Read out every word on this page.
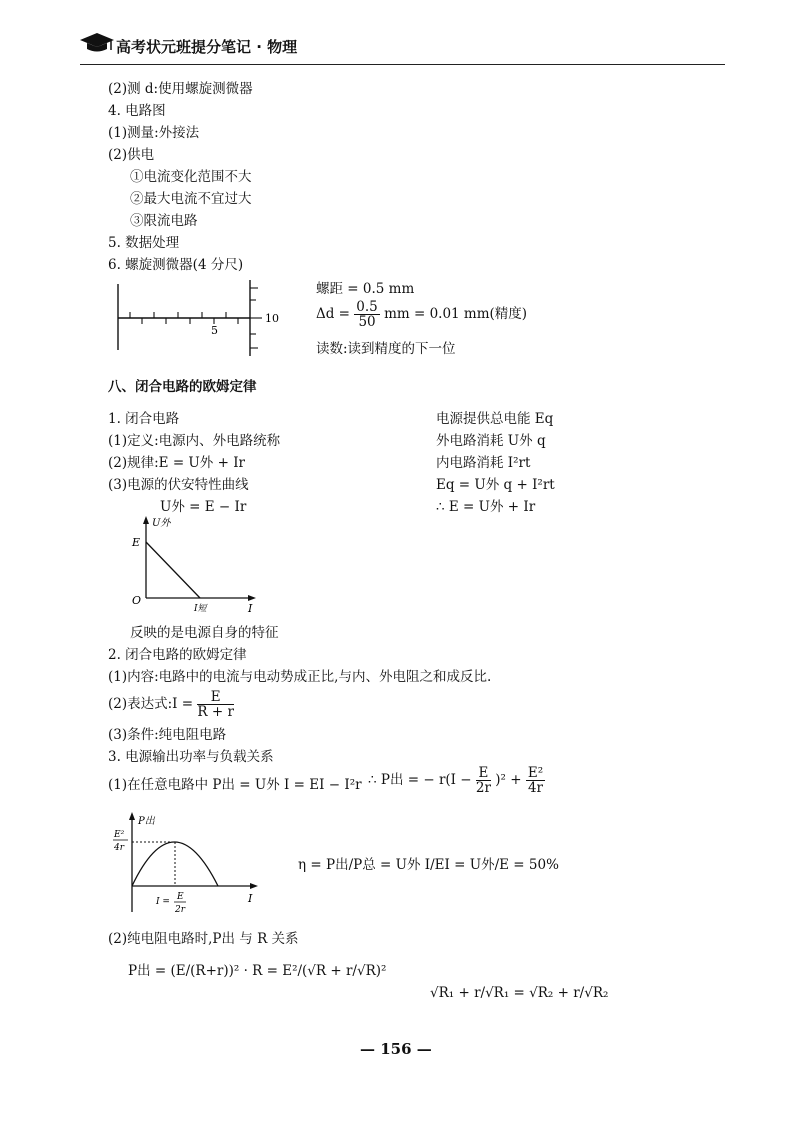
高考状元班提分笔记 · 物理
(2)测 d:使用螺旋测微器
4. 电路图
(1)测量:外接法
(2)供电
①电流变化范围不大
②最大电流不宜过大
③限流电路
5. 数据处理
6. 螺旋测微器(4 分尺)
5
10
螺距 = 0.5 mm
$\Delta d = \frac{0.5}{50}$ mm = 0.01 mm(精度)
读数:读到精度的下一位
八、闭合电路的欧姆定律
1. 闭合电路
(1)定义:电源内、外电路统称
(2)规律:E = U外 + Ir
(3)电源的伏安特性曲线
U外 = E − Ir
电源提供总电能 Eq
外电路消耗 U外 q
内电路消耗 I²rt
Eq = U外 q + I²rt
∴ E = U外 + Ir
U外
I
O
E
I短
反映的是电源自身的特征
2. 闭合电路的欧姆定律
(1)内容:电路中的电流与电动势成正比,与内、外电阻之和成反比.
(2)表达式:I = $\frac{E}{R + r}$
(3)条件:纯电阻电路
3. 电源输出功率与负载关系
(1)在任意电路中 P出 = U外 I = EI − I²r ∴ P出 = − $r(I - \frac{E}{2r} )^2 + \frac{\text{E²}}{4r}$
P出
I
E²
4r
I = E
2r
η = P出/P总 = U外 I/EI = U外/E = 50%
(2)纯电阻电路时,P出 与 R 关系
P出 = (E/(R+r))² · R = E²/(√R + r/√R)²
√R₁ + r/√R₁ = √R₂ + r/√R₂
— 156 —
